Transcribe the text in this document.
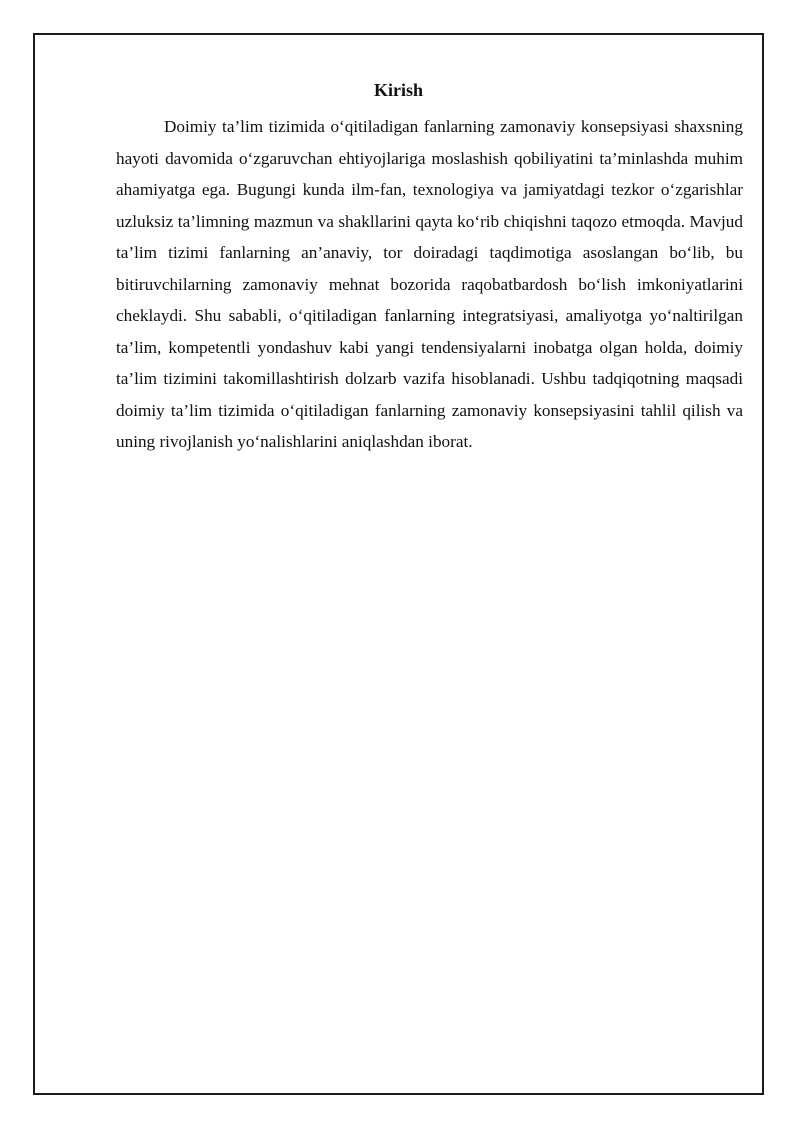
Kirish

Doimiy ta’lim tizimida o‘qitiladigan fanlarning zamonaviy konsepsiyasi shaxsning hayoti davomida o‘zgaruvchan ehtiyojlariga moslashish qobiliyatini ta’minlashda muhim ahamiyatga ega. Bugungi kunda ilm-fan, texnologiya va jamiyatdagi tezkor o‘zgarishlar uzluksiz ta’limning mazmun va shakllarini qayta ko‘rib chiqishni taqozo etmoqda. Mavjud ta’lim tizimi fanlarning an’anaviy, tor doiradagi taqdimotiga asoslangan bo‘lib, bu bitiruvchilarning zamonaviy mehnat bozorida raqobatbardosh bo‘lish imkoniyatlarini cheklaydi. Shu sababli, o‘qitiladigan fanlarning integratsiyasi, amaliyotga yo‘naltirilgan ta’lim, kompetentli yondashuv kabi yangi tendensiyalarni inobatga olgan holda, doimiy ta’lim tizimini takomillashtirish dolzarb vazifa hisoblanadi. Ushbu tadqiqotning maqsadi doimiy ta’lim tizimida o‘qitiladigan fanlarning zamonaviy konsepsiyasini tahlil qilish va uning rivojlanish yo‘nalishlarini aniqlashdan iborat.
